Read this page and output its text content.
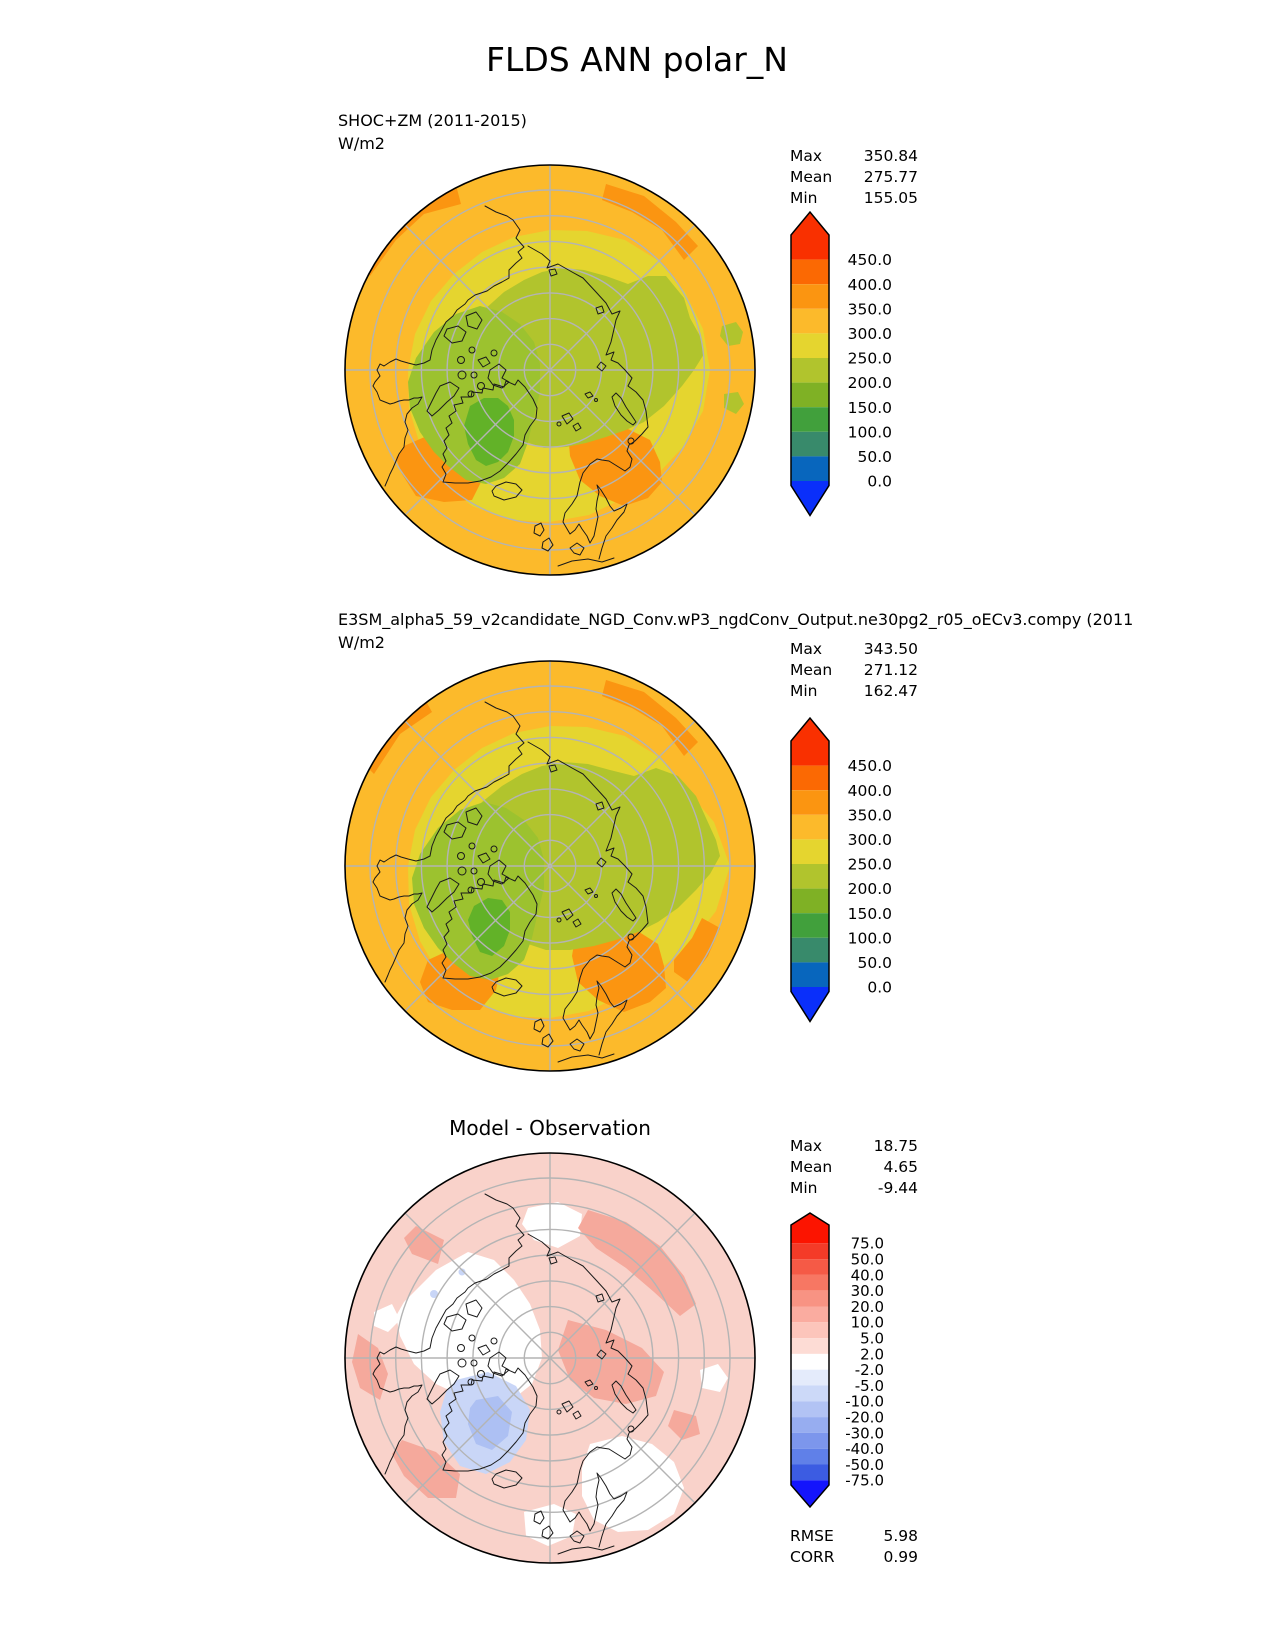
FLDS ANN polar_N
SHOC+ZM (2011-2015)
W/m2
Max	350.84
Mean 275.77
Min	155.05
450.0
400.0
350.0
300.0
250.0
200.0
150.0
100.0
50.0
0.0
E3SM_alpha5_59_v2candidate_NGD_Conv.wP3_ngdConv_Output.ne30pg2_r05_oECv3.compy (2011
W/m2	Max	343.50
Mean 271.12
Min	162.47
450.0
400.0
350.0
300.0
250.0
200.0
150.0
100.0
50.0
0.0
Model - Observation
Max	18.75
Mean	4.65
Min	-9.44
75.0
50.0
40.0
30.0
20.0
10.0
5.0
2.0
-2.0
-5.0
-10.0
-20.0
-30.0
-40.0
-50.0
-75.0
RMSE	5.98
CORR	0.99
